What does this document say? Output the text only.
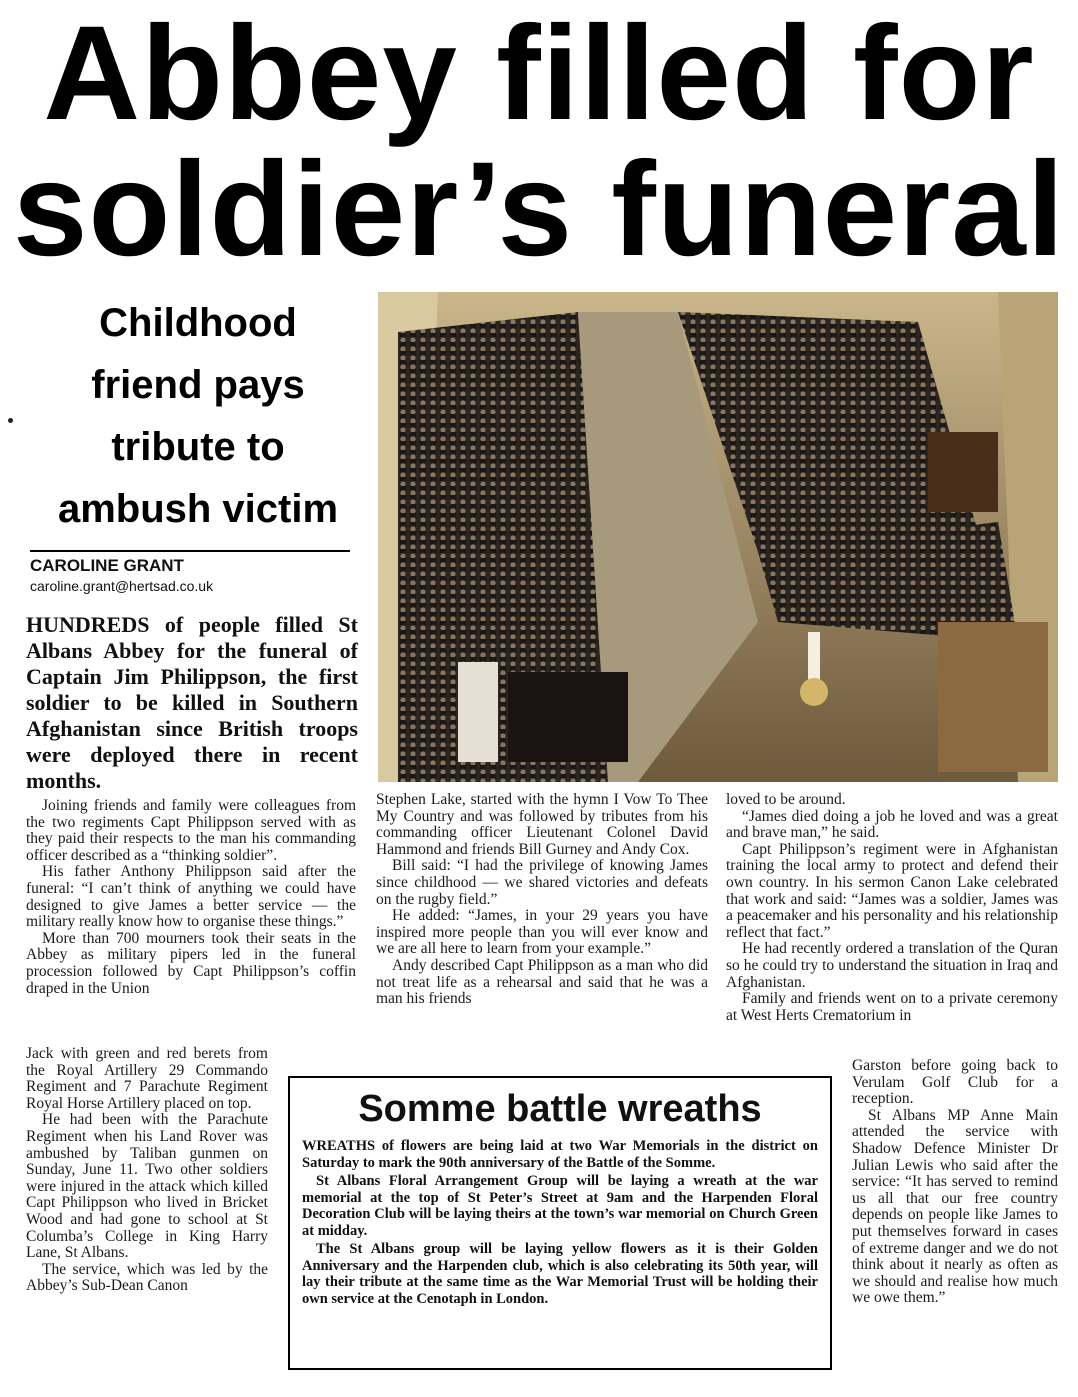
Abbey filled for
soldier’s funeral
Childhood
friend pays
tribute to
ambush victim
CAROLINE GRANT
caroline.grant@hertsad.co.uk
HUNDREDS of people filled St Albans Abbey for the funeral of Captain Jim Philippson, the first soldier to be killed in Southern Afghanistan since British troops were deployed there in recent months.

Joining friends and family were colleagues from the two regiments Capt Philippson served with as they paid their respects to the man his commanding officer described as a “thinking soldier”.

His father Anthony Philippson said after the funeral: “I can’t think of anything we could have designed to give James a better service — the military really know how to organise these things.”

More than 700 mourners took their seats in the Abbey as military pipers led in the funeral procession followed by Capt Philippson’s coffin draped in the Union

Jack with green and red berets from the Royal Artillery 29 Commando Regiment and 7 Parachute Regiment Royal Horse Artillery placed on top.

He had been with the Parachute Regiment when his Land Rover was ambushed by Taliban gunmen on Sunday, June 11. Two other soldiers were injured in the attack which killed Capt Philippson who lived in Bricket Wood and had gone to school at St Columba’s College in King Harry Lane, St Albans.

The service, which was led by the Abbey’s Sub-Dean Canon

Stephen Lake, started with the hymn I Vow To Thee My Country and was followed by tributes from his commanding officer Lieutenant Colonel David Hammond and friends Bill Gurney and Andy Cox.

Bill said: “I had the privilege of knowing James since childhood — we shared victories and defeats on the rugby field.”

He added: “James, in your 29 years you have inspired more people than you will ever know and we are all here to learn from your example.”

Andy described Capt Philippson as a man who did not treat life as a rehearsal and said that he was a man his friends

loved to be around.

“James died doing a job he loved and was a great and brave man,” he said.

Capt Philippson’s regiment were in Afghanistan training the local army to protect and defend their own country. In his sermon Canon Lake celebrated that work and said: “James was a soldier, James was a peacemaker and his personality and his relationship reflect that fact.”

He had recently ordered a translation of the Quran so he could try to understand the situation in Iraq and Afghanistan.

Family and friends went on to a private ceremony at West Herts Crematorium in

Garston before going back to Verulam Golf Club for a reception.

St Albans MP Anne Main attended the service with Shadow Defence Minister Dr Julian Lewis who said after the service: “It has served to remind us all that our free country depends on people like James to put themselves forward in cases of extreme danger and we do not think about it nearly as often as we should and realise how much we owe them.”

Somme battle wreaths

WREATHS of flowers are being laid at two War Memorials in the district on Saturday to mark the 90th anniversary of the Battle of the Somme.

St Albans Floral Arrangement Group will be laying a wreath at the war memorial at the top of St Peter’s Street at 9am and the Harpenden Floral Decoration Club will be laying theirs at the town’s war memorial on Church Green at midday.

The St Albans group will be laying yellow flowers as it is their Golden Anniversary and the Harpenden club, which is also celebrating its 50th year, will lay their tribute at the same time as the War Memorial Trust will be holding their own service at the Cenotaph in London.
